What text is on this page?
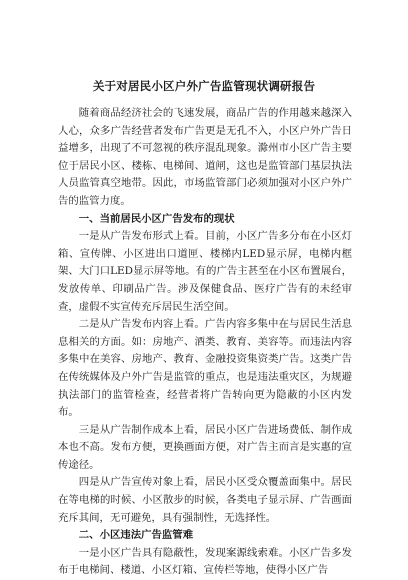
关于对居民小区户外广告监管现状调研报告

随着商品经济社会的飞速发展，商品广告的作用越来越深入人心，众多广告经营者发布广告更是无孔不入，小区户外广告日益增多，出现了不可忽视的秩序混乱现象。滁州市小区广告主要位于居民小区、楼栋、电梯间、道闸，这也是监管部门基层执法人员监管真空地带。因此，市场监管部门必须加强对小区户外广告的监管力度。

一、当前居民小区广告发布的现状

一是从广告发布形式上看。目前，小区广告多分布在小区灯箱、宣传牌、小区进出口道匣、楼梯内LED显示屏，电梯内框架、大门口LED显示屏等地。有的广告主甚至在小区布置展台，发放传单、印刷品广告。涉及保健食品、医疗广告有的未经审查，虚假不实宣传充斥居民生活空间。

二是从广告发布内容上看。广告内容多集中在与居民生活息息相关的方面。如：房地产、酒类、教育、美容等。而违法内容多集中在美容、房地产、教育、金融投资集资类广告。这类广告在传统媒体及户外广告是监管的重点，也是违法重灾区，为规避执法部门的监管检查，经营者将广告转向更为隐蔽的小区内发布。

三是从广告制作成本上看，居民小区广告进场费低、制作成本也不高。发布方便，更换画面方便，对广告主而言是实惠的宣传途径。

四是从广告宣传对象上看，居民小区受众覆盖面集中。居民在等电梯的时候、小区散步的时候，各类电子显示屏、广告画面充斥其间，无可避免，具有强制性，无选择性。

二、小区违法广告监管难

一是小区广告具有隐蔽性，发现案源线索难。小区广告多发布于电梯间、楼道、小区灯箱、宣传栏等地，使得小区广告
